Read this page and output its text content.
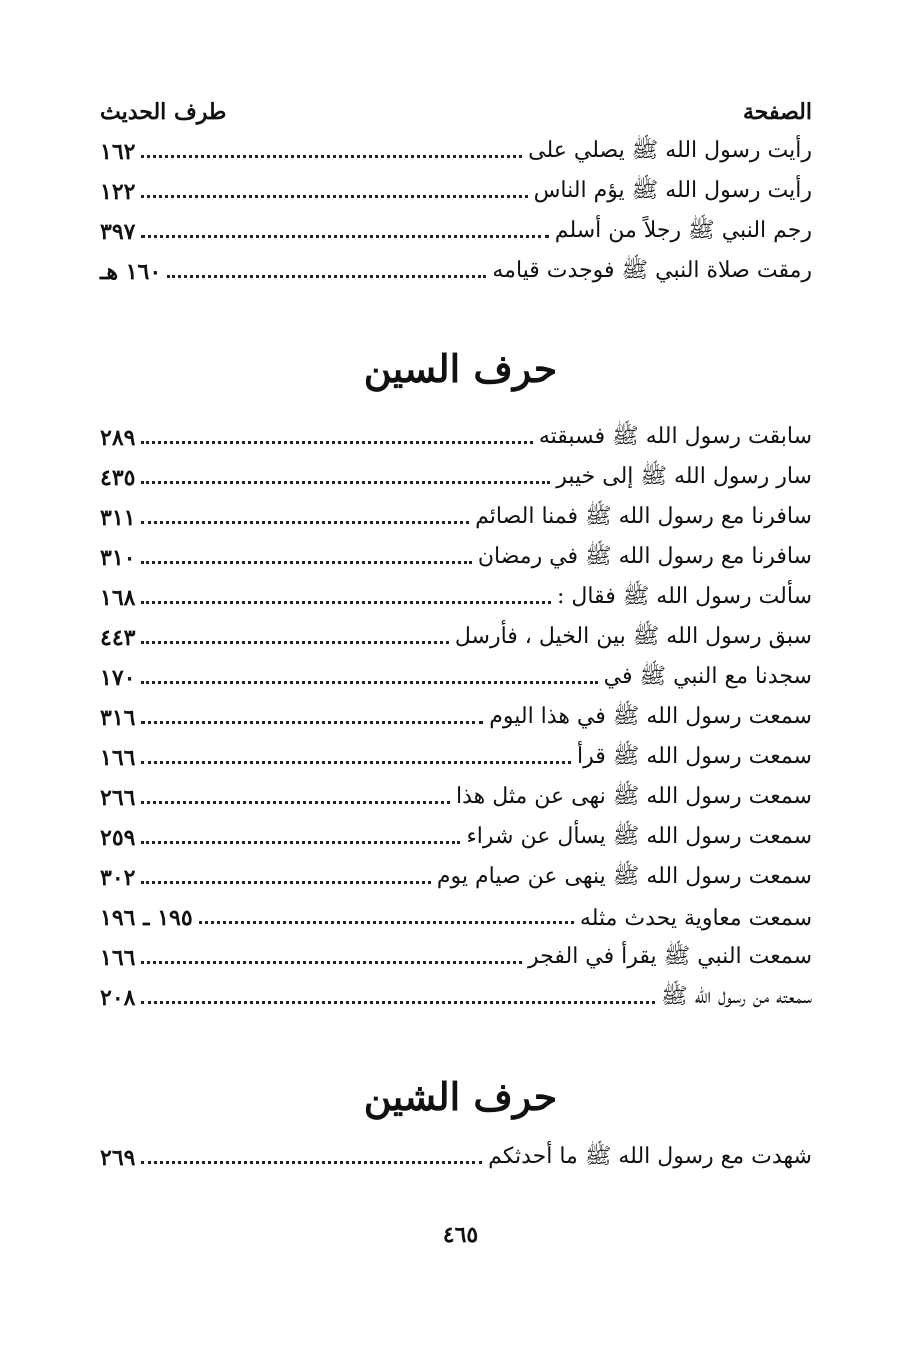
طرف الحديث	الصفحة
رأيت رسول الله ﷺ يصلي على
١٦٢
رأيت رسول الله ﷺ يؤم الناس
١٢٢
رجم النبي ﷺ رجلاً من أسلم
٣٩٧
رمقت صلاة النبي ﷺ فوجدت قيامه
١٦٠ هـ
حرف السين
سابقت رسول الله ﷺ فسبقته
٢٨٩
سار رسول الله ﷺ إلى خيبر
٤٣٥
سافرنا مع رسول الله ﷺ فمنا الصائم
٣١١
سافرنا مع رسول الله ﷺ في رمضان
٣١٠
سألت رسول الله ﷺ فقال :
١٦٨
سبق رسول الله ﷺ بين الخيل ، فأرسل
٤٤٣
سجدنا مع النبي ﷺ في
١٧٠
سمعت رسول الله ﷺ في هذا اليوم
٣١٦
سمعت رسول الله ﷺ قرأ
١٦٦
سمعت رسول الله ﷺ نهى عن مثل هذا
٢٦٦
سمعت رسول الله ﷺ يسأل عن شراء
٢٥٩
سمعت رسول الله ﷺ ينهى عن صيام يوم
٣٠٢
سمعت معاوية يحدث مثله
١٩٥ ـ ١٩٦
سمعت النبي ﷺ يقرأ في الفجر
١٦٦
سمعته من رسول الله ﷺ
٢٠٨
حرف الشين
شهدت مع رسول الله ﷺ ما أحدثكم
٢٦٩
٤٦٥
